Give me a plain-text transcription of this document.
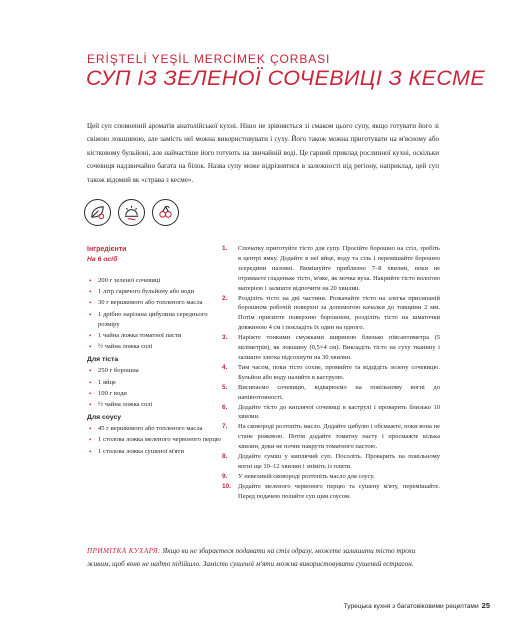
ERİŞTELİ YEŞİL MERCİMEK ÇORBASI
СУП ІЗ ЗЕЛЕНОЇ СОЧЕВИЦІ З КЕСМЕ
Цей суп сповнений ароматів анатолійської кухні. Нішо не зрівняється зі смаком цього супу, якщо готувати його зі свіжою локшиною, але замість неї можна використовувати і суху. Його також можна приготувати на м'ясному або кістковому бульйоні, але найчастіше його готують на звичайній воді. Це гарний приклад рослинної кухні, оскільки сочевиця надзвичайно багата на білок. Назва супу може відрізнятися в залежності від регіону, наприклад, цей суп також відомий як «страва з кесме».
Інгредієнти
На 6 осіб
• 200 г зеленої сочевиці
• 1 літр гарячого бульйону або води
• 30 г вершкового або топленого масла
• 1 дрібно нарізана цибулина середнього розміру
• 1 чайна ложка томатної пасти
• ½ чайна ложка солі
Для тіста
• 250 г борошна
• 1 яйце
• 100 г води
• ½ чайна ложка солі
Для соусу
• 45 г вершкового або топленого масла
• 1 столова ложка меленого червоного перцю
• 1 столова ложка сушеної м'яти
1.	Спочатку приготуйте тісто для супу. Просійте борошно на стіл, зробіть в центрі ямку. Додайте в неї яйце, воду та сіль і перемішайте борошно зсередини назовні. Вимішуйте приблизно 7–8 хвилин, поки не отримаєте гладеньке тісто, м'яке, як мочка вуха. Накрийте тісто вологою матерією і залиште відпочити на 20 хвилин.
2.	Розділіть тісто на дві частини. Розкачайте тісто на злегка присипаній борошном робочій поверхні за допомогою качалки до товщини 2 мм. Потім присипте поверхню борошном, розділіть тісто на шматочки довжиною 4 см і покладіть їх один на одного.
3.	Наріжте тонкими смужками шириною близько півсантиметра (5 міліметрів), як локшину (0,5×4 см). Викладіть тісто на суху тканину і залиште злегка підсохнути на 30 хвилин.
4.	Тим часом, поки тісто сохне, промийте та відцідіть зелену сочевицю. Бульйон або воду налийте в каструлю.
5.	Висипаємо сочевицю, відварюємо на повільному вогні до напівготовності.
6.	Додайте тісто до киплячої сочевиці в каструлі і проварить близько 10 хвилин.
7.	На сковороді розтопіть масло. Додайте цибулю і обсмажте, поки вона не стане рожевою. Потім додайте томатну пасту і просмажте кілька хвилин, доки не почне накрути томатного пастою.
8.	Додайте суміш у киплячий суп. Посоліть. Проварить на повільному вогні ще 10–12 хвилин і зніміть із плити.
9.	У невеликій сковороді розтопіть масло для соусу.
10.	Додайте меленого червоного перцю та сушену м'яту, перемішайте. Перед подачею полийте суп цим соусом.
ПРИМІТКА КУХАРЯ: Якщо ви не збираєтеся подавати на стіл одразу, можете залишити тісто трохи живим, щоб воно не надто підійшло. Замість сушеної м'яти можна використовувати сушений естрагон.
Турецька кухня з багатовіковими рецептами 25
